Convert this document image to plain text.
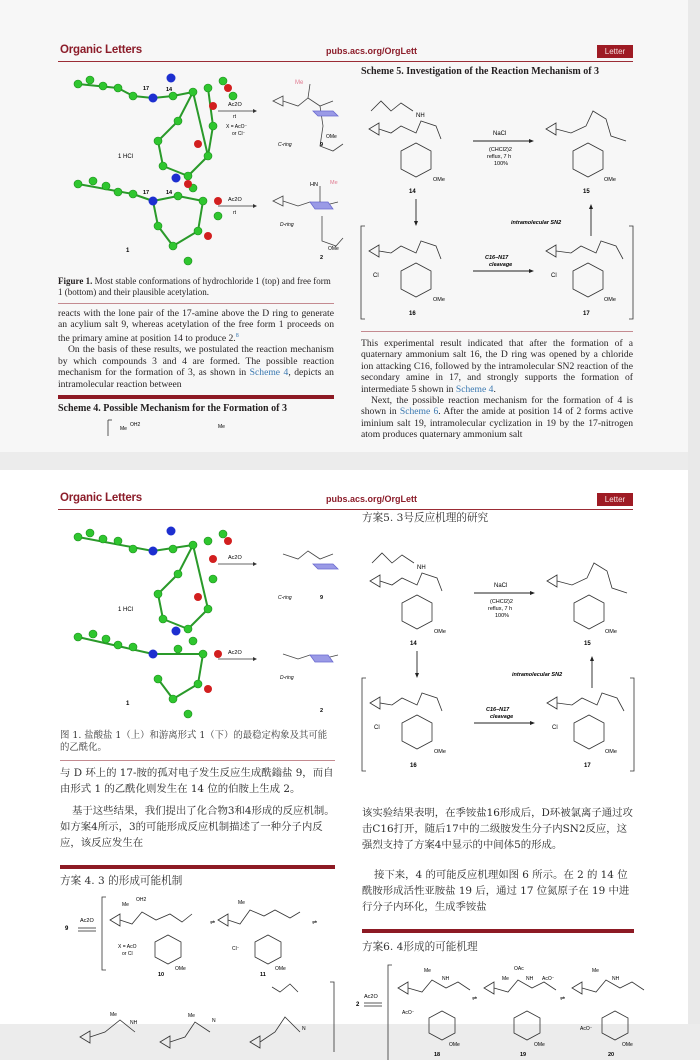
Organic Letters	pubs.acs.org/OrgLett	Letter
17	14
1 HCl
17	14
1
Ac2O
rt
X = AcO⁻
or Cl⁻
Ac2O
rt
Me
C-ring	9
OMe
HN Me
D-ring
OMe
2
Figure 1. Most stable conformations of hydrochloride 1 (top) and free form 1 (bottom) and their plausible acetylation.

reacts with the lone pair of the 17-amine above the D ring to generate an acylium salt 9, whereas acetylation of the free form 1 proceeds on the primary amine at position 14 to produce 2.$^8$

On the basis of these results, we postulated the reaction mechanism by which compounds 3 and 4 are formed. The possible reaction mechanism for the formation of 3, as shown in Scheme 4, depicts an intramolecular reaction between

Scheme 4. Possible Mechanism for the Formation of 3
Me
OH2	Me
Scheme 5. Investigation of the Reaction Mechanism of 3
NH
OMe	OMe
OMe	OMe
Cl	Cl
14	15
16	17
NaCl
(CHCl2)2
reflux, 7 h
100%
intramolecular SN2
C16–N17
cleavage

This experimental result indicated that after the formation of a quaternary ammonium salt 16, the D ring was opened by a chloride ion attacking C16, followed by the intramolecular SN2 reaction of the secondary amine in 17, and strongly supports the formation of intermediate 5 shown in Scheme 4.

Next, the possible reaction mechanism for the formation of 4 is shown in Scheme 6. After the amide at position 14 of 2 forms active iminium salt 19, intramolecular cyclization in 19 by the 17-nitrogen atom produces quaternary ammonium salt

Organic Letters	pubs.acs.org/OrgLett	Letter
1 HCl
1
Ac2O
Ac2O
C-ring	9
D-ring
2
图 1. 盐酸盐 1（上）和游离形式 1（下）的最稳定构象及其可能的乙酰化。

与 D 环上的 17-胺的孤对电子发生反应生成酰鎓盐 9，而自由形式 1 的乙酰化则发生在 14 位的伯胺上生成 2。

基于这些结果，我们提出了化合物3和4形成的反应机制。如方案4所示，3的可能形成反应机制描述了一种分子内反应，该反应发生在

方案 4. 3 的形成可能机制
9
Ac2O
Me
OH2
X = AcO
or Cl
OMe
10
⇌
Me
Cl⁻
OMe
11
⇌
Me
NH
Me
N
N
方案5. 3号反应机理的研究
NH
OMe	OMe
OMe	OMe
Cl	Cl
14	15
16	17
NaCl
(CHCl2)2
reflux, 7 h
100%
intramolecular SN2
C16–N17
cleavage

该实验结果表明，在季铵盐16形成后，D环被氯离子通过攻击C16打开，随后17中的二级胺发生分子内SN2反应，这强烈支持了方案4中显示的中间体5的形成。

接下来，4 的可能反应机理如图 6 所示。在 2 的 14 位酰胺形成活性亚胺盐 19 后，通过 17 位氮原子在 19 中进行分子内环化，生成季铵盐

方案6. 4形成的可能机理
2
Ac2O
Me
NH
AcO⁻
OMe
⇌
OAc
Me	NH AcO⁻
OMe
⇌
Me
NH
AcO⁻
OMe
18	19	20
